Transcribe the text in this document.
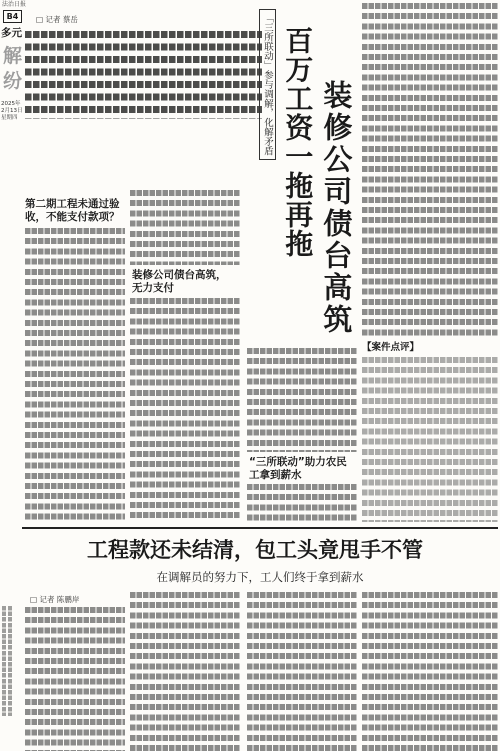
法治日报
B4
多元
解纷
2025年
2月13日
星期四
□ 记者 蔡岳	「三所联动」参与调解，化解矛盾 百万工资一拖再拖 装修公司债台高筑
第二期工程未通过验
收，不能支付款项？
装修公司债台高筑，
无力支付
“三所联动”助力农民
工拿到薪水
【案件点评】
工程款还未结清，包工头竟甩手不管
在调解员的努力下，工人们终于拿到薪水
□ 记者 陈鹏岸
